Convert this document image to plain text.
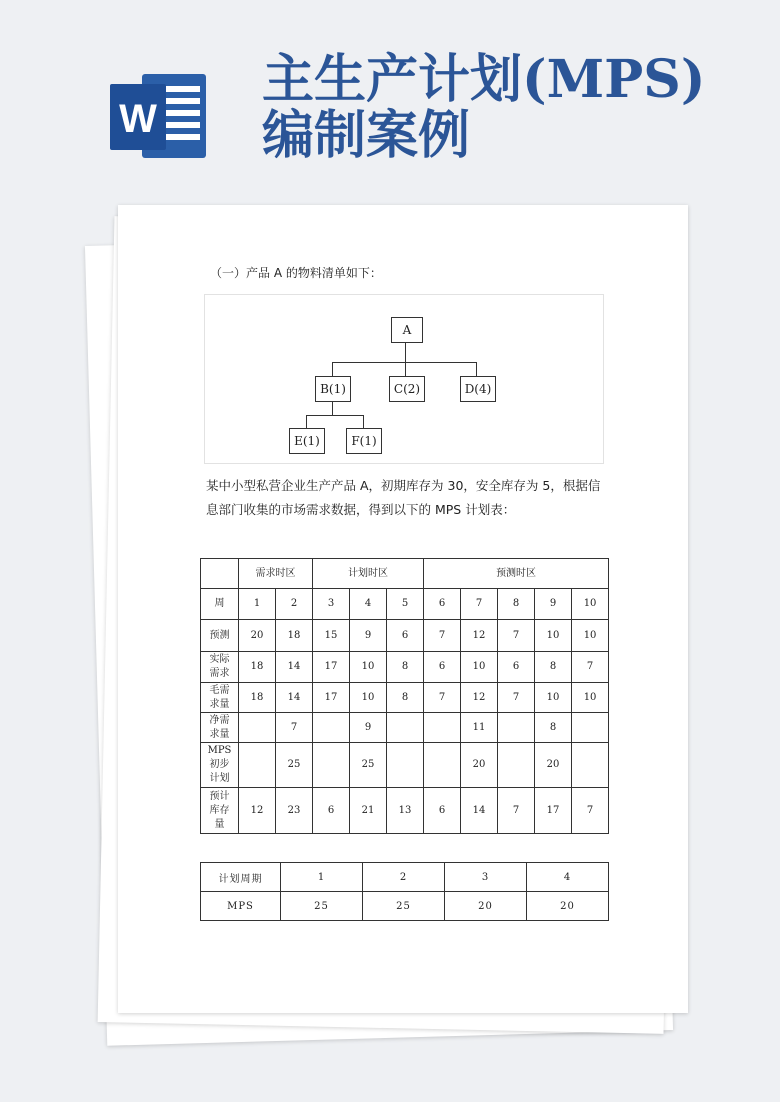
W
主生产计划(MPS)编制案例
（一）产品 A 的物料清单如下：
A
B(1)	C(2)	D(4)
E(1)	F(1)

某中小型私营企业生产产品 A，初期库存为 30，安全库存为 5，根据信息部门收集的市场需求数据，得到以下的 MPS 计划表：

	需求时区		计划时区			预测时区				
周	1	2	3	4	5	6	7	8	9	10
预测	20	18	15	9	6	7	12	7	10	10
实际需求	18	14	17	10	8	6	10	6	8	7
毛需求量	18	14	17	10	8	7	12	7	10	10
净需求量		7		9			11		8	
MPS初步计划		25		25			20		20	
预计库存量	12	23	6	21	13	6	14	7	17	7
计划周期	1	2	3	4
MPS	25	25	20	20
